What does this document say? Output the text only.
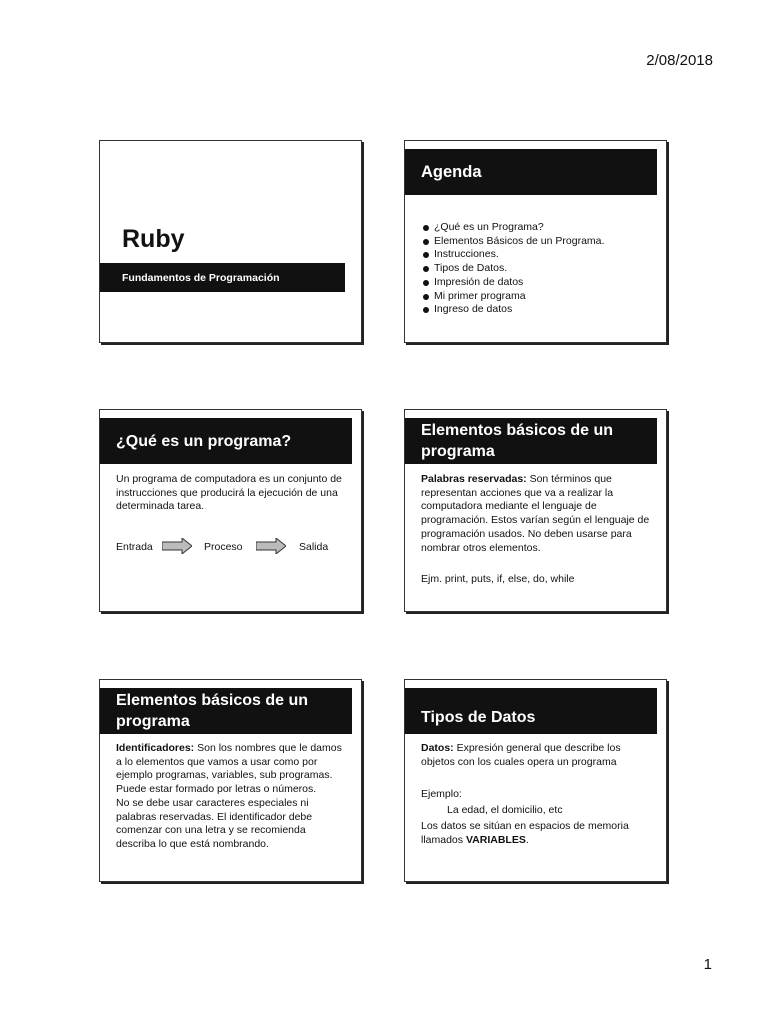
2/08/2018
Ruby
Fundamentos de Programación
Agenda
¿Qué es un Programa?
Elementos Básicos de un Programa.
Instrucciones.
Tipos de Datos.
Impresión de datos
Mi primer programa
Ingreso de datos
¿Qué es un programa?
Un programa de computadora es un conjunto de instrucciones que producirá la ejecución de una determinada tarea.
Entrada	Proceso	Salida
Elementos básicos de un programa
Palabras reservadas: Son términos que representan acciones que va a realizar la computadora mediante el lenguaje de programación. Estos varían según el lenguaje de programación usados. No deben usarse para nombrar otros elementos.
Ejm. print, puts, if, else, do, while
Elementos básicos de un programa
Identificadores: Son los nombres que le damos a lo elementos que vamos a usar como por ejemplo programas, variables, sub programas. Puede estar formado por letras o números.
No se debe usar caracteres especiales ni palabras reservadas. El identificador debe comenzar con una letra y se recomienda describa lo que está nombrando.
Tipos de Datos
Datos: Expresión general que describe los objetos con los cuales opera un programa
Ejemplo:
La edad, el domicilio, etc
Los datos se sitúan en espacios de memoria llamados VARIABLES.
1
